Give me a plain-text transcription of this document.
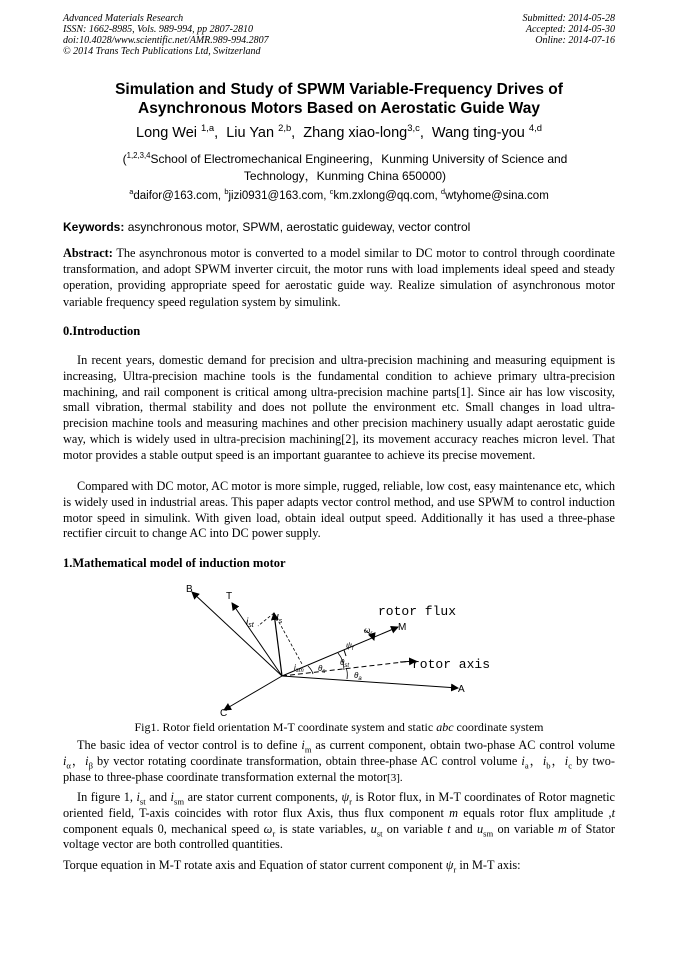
Advanced Materials Research
ISSN: 1662-8985, Vols. 989-994, pp 2807-2810
doi:10.4028/www.scientific.net/AMR.989-994.2807
© 2014 Trans Tech Publications Ltd, Switzerland
Submitted: 2014-05-28
Accepted: 2014-05-30
Online: 2014-07-16
Simulation and Study of SPWM Variable-Frequency Drives of
Asynchronous Motors Based on Aerostatic Guide Way
Long Wei $^{1,a}$,  Liu Yan $^{2,b}$,  Zhang xiao-long$^{3,c}$,  Wang ting-you $^{4,d}$
($^{1,2,3,4}$School of Electromechanical Engineering，Kunming University of Science and
Technology，Kunming China 650000)
$^a$daifor@163.com, $^b$jizi0931@163.com, $^c$km.zxlong@qq.com, $^d$wtyhome@sina.com
Keywords: asynchronous motor, SPWM, aerostatic guideway, vector control
Abstract: The asynchronous motor is converted to a model similar to DC motor to control through coordinate transformation, and adopt SPWM inverter circuit, the motor runs with load implements ideal speed and steady operation, providing appropriate speed for aerostatic guide way. Realize simulation of asynchronous motor variable frequency speed regulation system by simulink.
0.Introduction
In recent years, domestic demand for precision and ultra-precision machining and measuring equipment is increasing, Ultra-precision machine tools is the fundamental condition to achieve primary ultra-precision machining, and rail component is critical among ultra-precision machine parts[1]. Since air has low viscosity, small vibration, thermal stability and does not pollute the environment etc. Small changes in load ultra-precision machine tools and measuring machines and other precision machinery usually adapt aerostatic guide way, which is widely used in ultra-precision machining[2], its movement accuracy reaches micron level. That motor provides a stable output speed is an important guarantee to achieve its precise movement.
Compared with DC motor, AC motor is more simple, rugged, reliable, low cost, easy maintenance etc, which is widely used in industrial areas. This paper adapts vector control method, and use SPWM to control induction motor speed in simulink. With given load, obtain ideal output speed. Additionally it has used a three-phase rectifier circuit to change AC into DC power supply.
1.Mathematical model of induction motor
B
T
$i_{st}$
$I_s$
rotor flux
M
$\omega_r$
$\psi_r$
$i_{sm}$ $\theta_s$
$\theta_{st}$	rotor axis
$\theta_a$
A
C
Fig1. Rotor field orientation M-T coordinate system and static abc coordinate system
The basic idea of vector control is to define $i_m$ as current component, obtain two-phase AC control volume $i_\alpha$，$i_\beta$ by vector rotating coordinate transformation, obtain three-phase AC control volume $i_a$，$i_b$，$i_c$ by two-phase to three-phase coordinate transformation external the motor[3].
In figure 1, $i_{st}$ and $i_{sm}$ are stator current components, $\psi_r$ is Rotor flux, in M-T coordinates of Rotor magnetic oriented field, T-axis coincides with rotor flux Axis, thus flux component m equals rotor flux amplitude ,t component equals 0, mechanical speed $\omega_r$ is state variables, $u_{st}$ on variable t and $u_{sm}$ on variable m of Stator voltage vector are both controlled quantities.
Torque equation in M-T rotate axis and Equation of stator current component $\psi_r$ in M-T axis:
